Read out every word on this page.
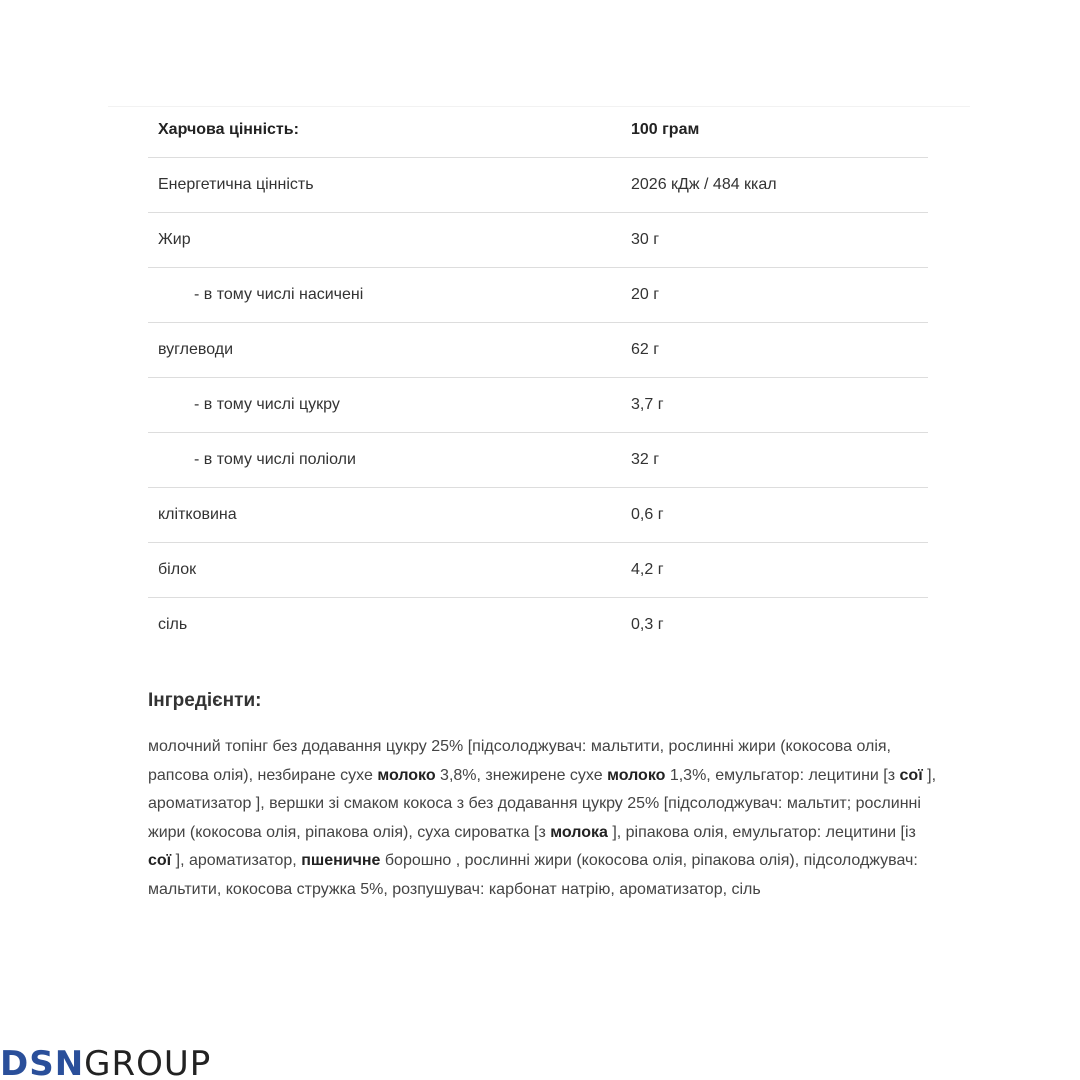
Харчова цінність:	100 грам
Енергетична цінність	2026 кДж / 484 ккал
Жир	30 г
- в тому числі насичені	20 г
вуглеводи	62 г
- в тому числі цукру	3,7 г
- в тому числі поліоли	32 г
клітковина	0,6 г
білок	4,2 г
сіль	0,3 г
Інгредієнти:

молочний топінг без додавання цукру 25% [підсолоджувач: мальтити, рослинні жири (кокосова олія, рапсова олія), незбиране сухе молоко 3,8%, знежирене сухе молоко 1,3%, емульгатор: лецитини [з сої ], ароматизатор ], вершки зі смаком кокоса з без додавання цукру 25% [підсолоджувач: мальтит; рослинні жири (кокосова олія, ріпакова олія), суха сироватка [з молока ], ріпакова олія, емульгатор: лецитини [із сої ], ароматизатор, пшеничне борошно , рослинні жири (кокосова олія, ріпакова олія), підсолоджувач: мальтити, кокосова стружка 5%, розпушувач: карбонат натрію, ароматизатор, сіль

DSNGROUP
